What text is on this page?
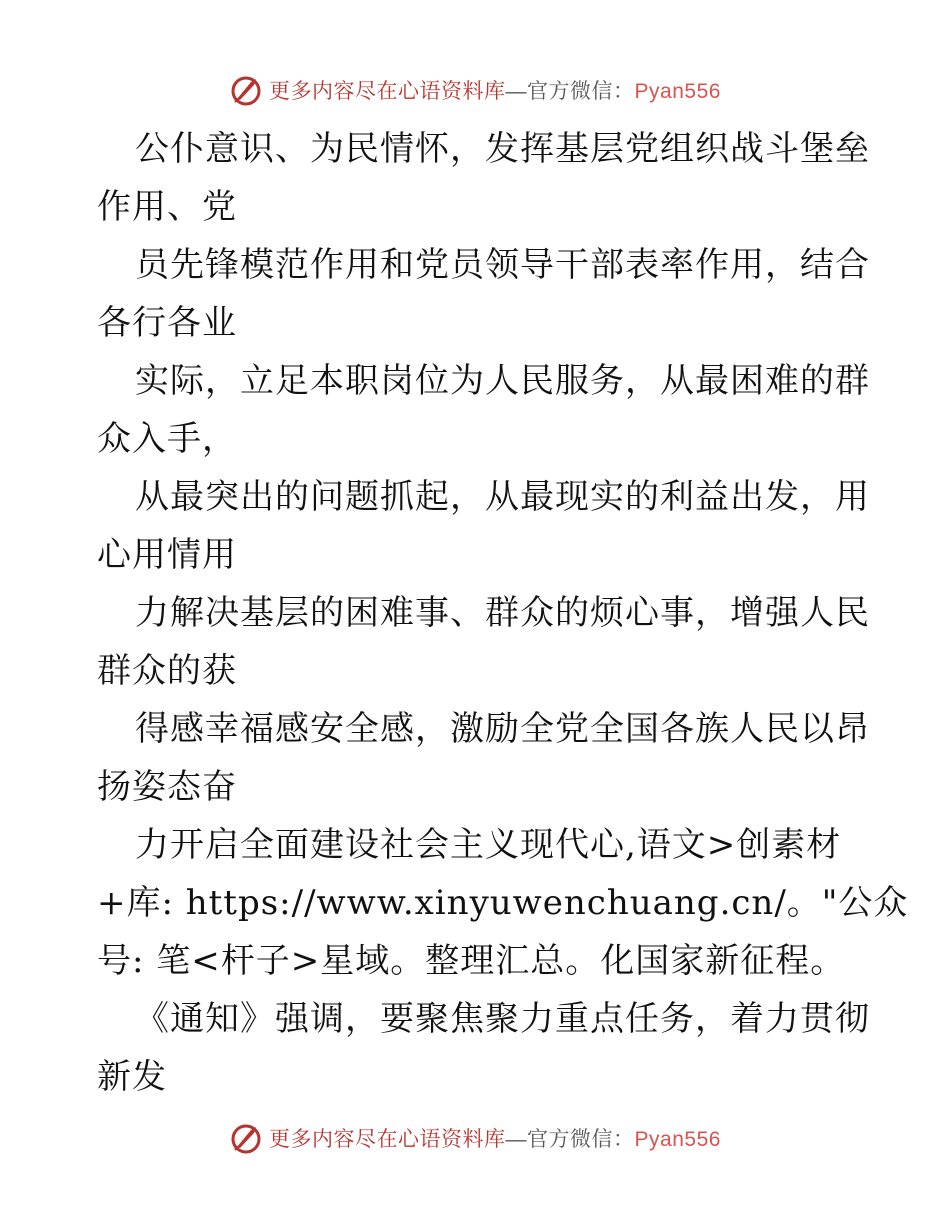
更多内容尽在心语资料库—官方微信：Pyan556
公仆意识、为民情怀，发挥基层党组织战斗堡垒
作用、党
员先锋模范作用和党员领导干部表率作用，结合
各行各业
实际，立足本职岗位为人民服务，从最困难的群
众入手，
从最突出的问题抓起，从最现实的利益出发，用
心用情用
力解决基层的困难事、群众的烦心事，增强人民
群众的获
得感幸福感安全感，激励全党全国各族人民以昂
扬姿态奋
力开启全面建设社会主义现代心,语文>创素材
+库: https://www.xinyuwenchuang.cn/。"公众
号: 笔<杆子>星域。整理汇总。化国家新征程。
《通知》强调，要聚焦聚力重点任务，着力贯彻
新发
更多内容尽在心语资料库—官方微信：Pyan556
